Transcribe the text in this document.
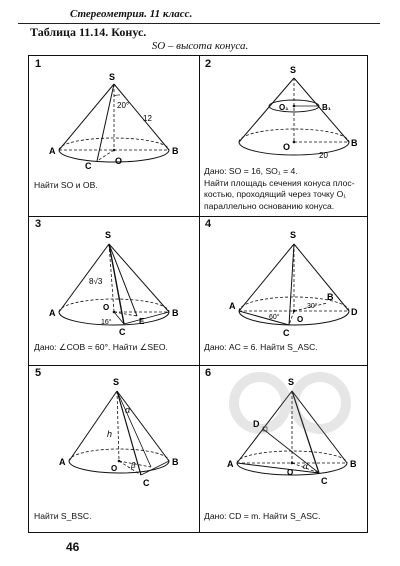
Стереометрия. 11 класс.
Таблица 11.14. Конус.
SO – высота конуса.
1
S
20°
12
A	B
C	O
Найти SO и OB.
2	S
O₁	B₁
O	B
20
Дано: SO = 16, SO₁ = 4.
Найти площадь сечения конуса плос-
костью, проходящий через точку O₁
параллельно основанию конуса.
3
S
8√3
O
16°
A	B
C
E
Дано: ∠COB = 60°. Найти ∠SEO.
4
S
A
B
D
C
O
30°
60°
Дано: AC = 6. Найти S_ASC.
5
S
α
h
β
A	B
C
O
Найти S_BSC.
6
S
D
A	B
C
O
α
Дано: CD = m. Найти S_ASC.
46
